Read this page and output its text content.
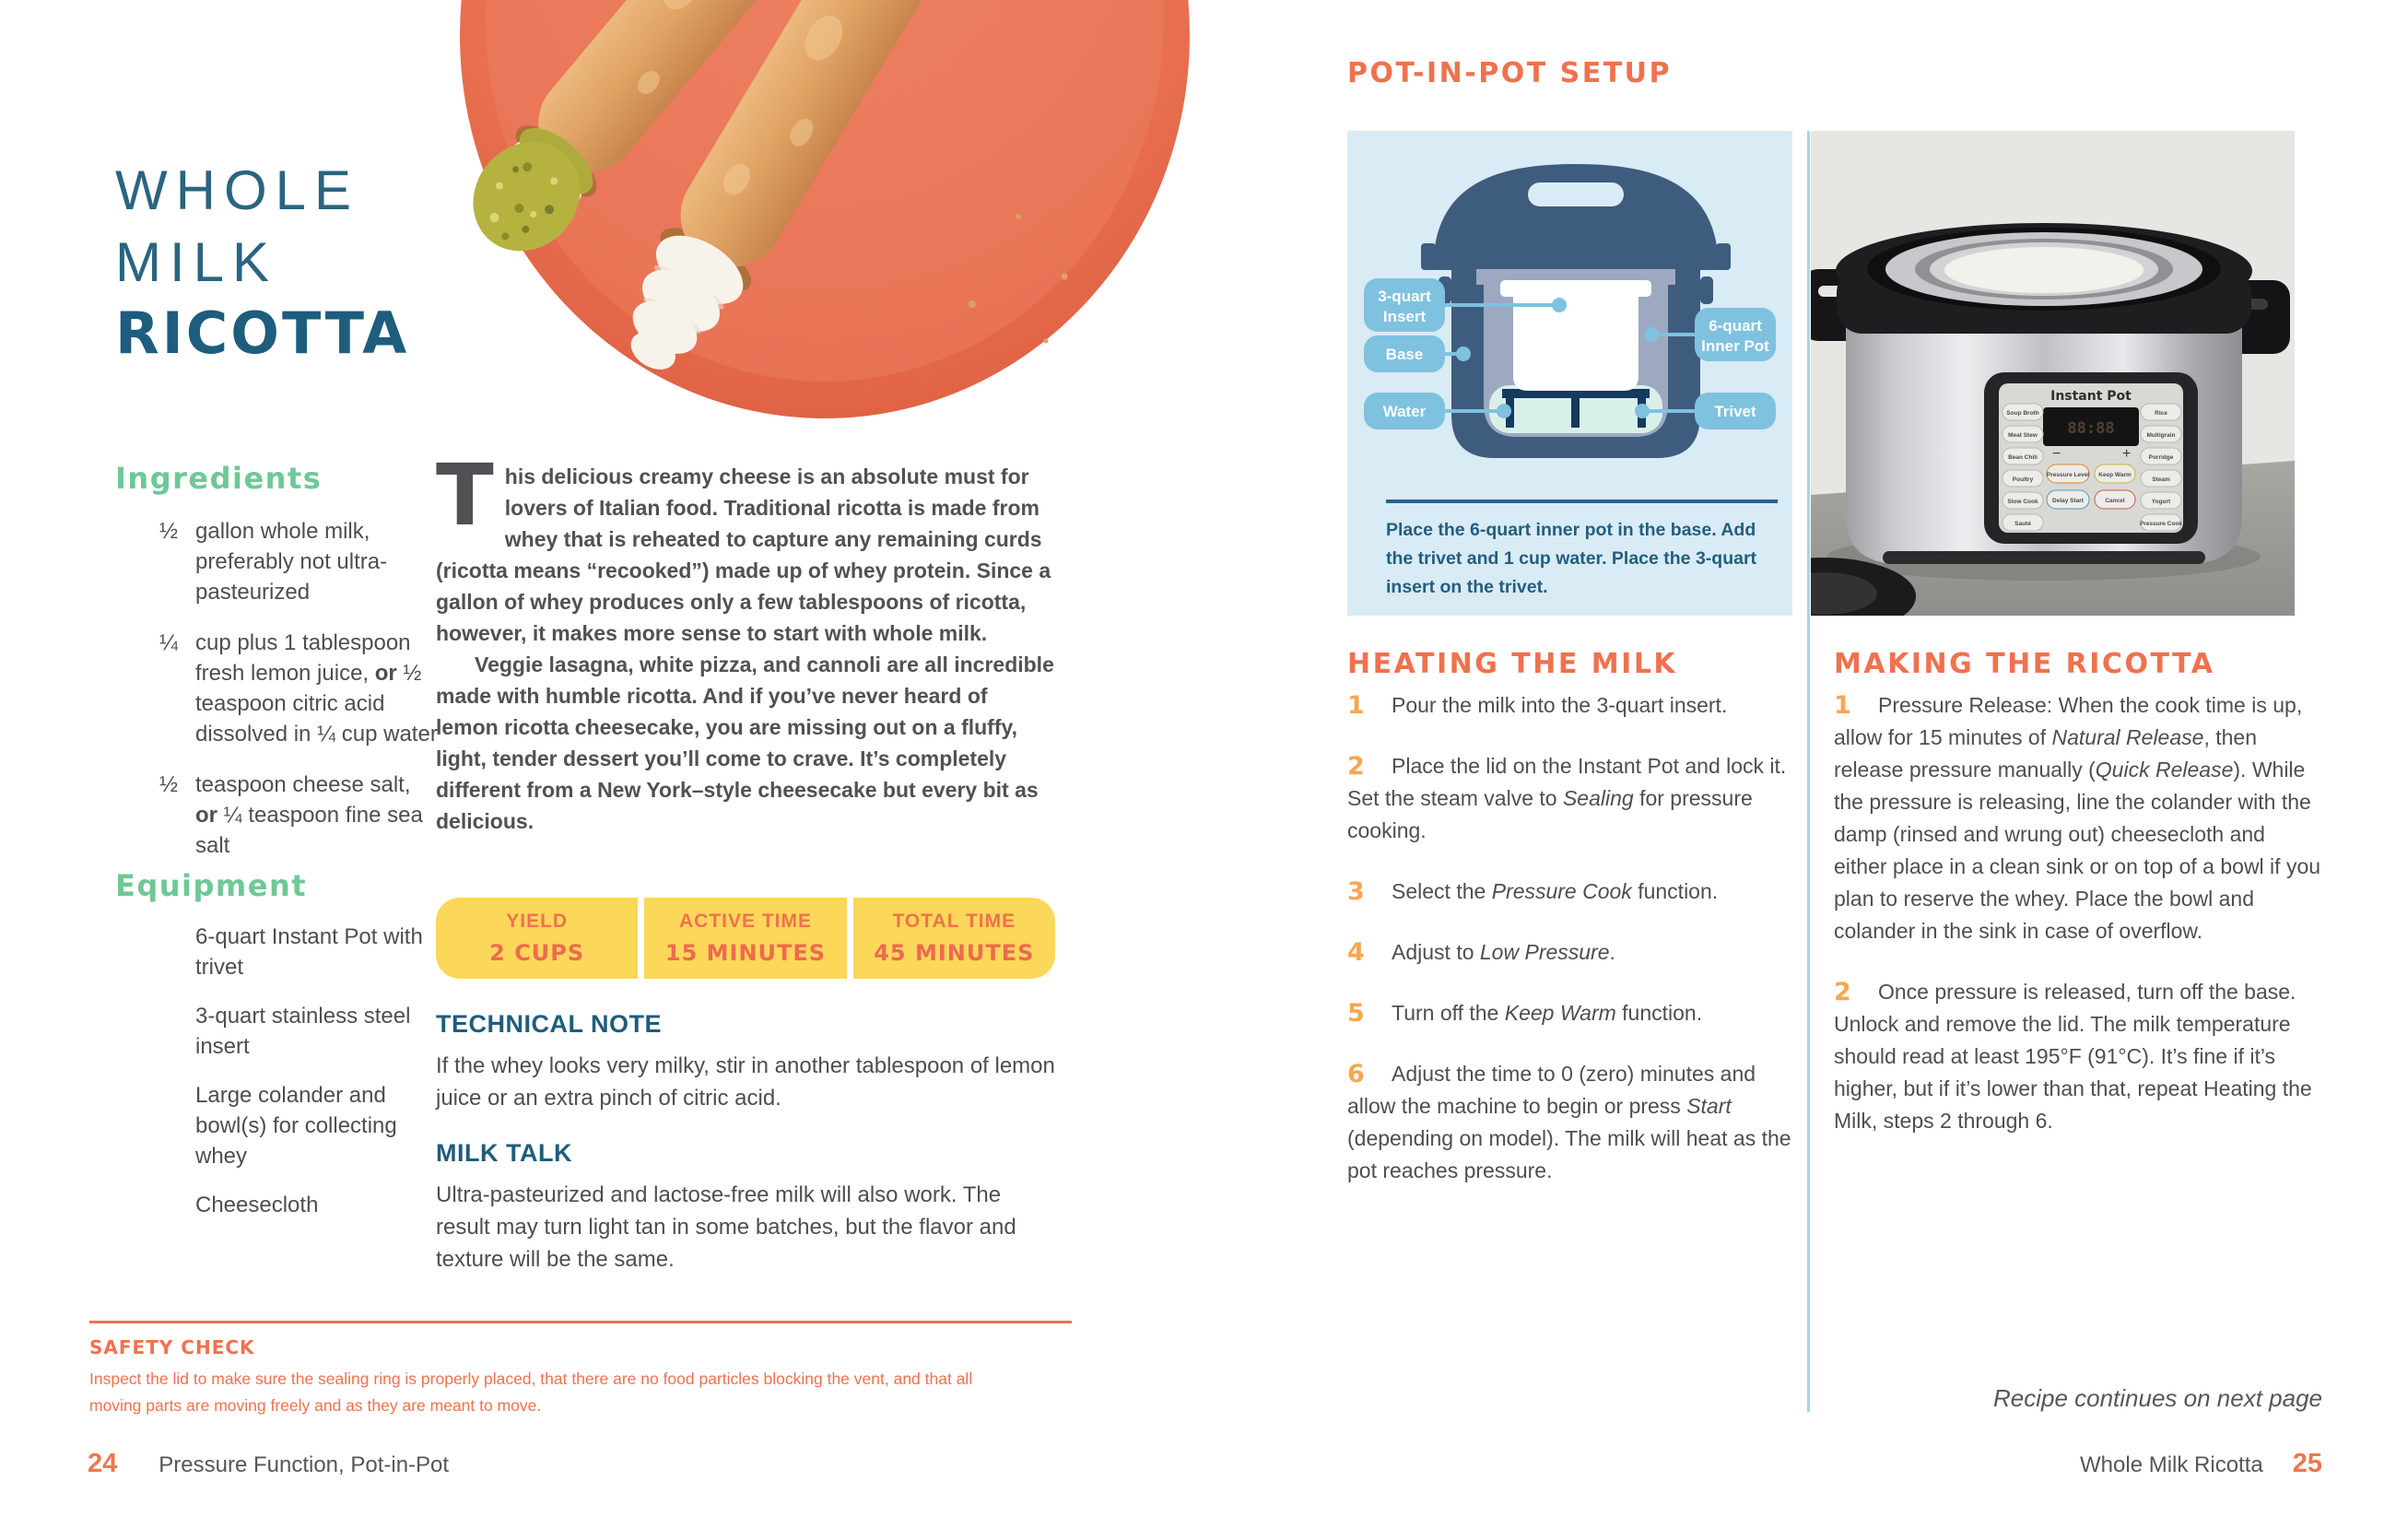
WHOLE
MILK
RICOTTA
Ingredients
½ gallon whole milk, preferably not ultra-pasteurized
¼ cup plus 1 tablespoon fresh lemon juice, or ½ teaspoon citric acid dissolved in ¼ cup water
½ teaspoon cheese salt, or ¼ teaspoon fine sea salt
Equipment
6-quart Instant Pot with trivet
3-quart stainless steel insert
Large colander and bowl(s) for collecting whey
Cheesecloth
T his delicious creamy cheese is an absolute must for lovers of Italian food. Traditional ricotta is made from whey that is reheated to capture any remaining curds (ricotta means “recooked”) made up of whey protein. Since a gallon of whey produces only a few tablespoons of ricotta, however, it makes more sense to start with whole milk.

Veggie lasagna, white pizza, and cannoli are all incredible made with humble ricotta. And if you’ve never heard of lemon ricotta cheesecake, you are missing out on a fluffy, light, tender dessert you’ll come to crave. It’s completely different from a New York–style cheesecake but every bit as delicious.

YIELD
2 CUPS
ACTIVE TIME
15 MINUTES
TOTAL TIME
45 MINUTES
TECHNICAL NOTE
If the whey looks very milky, stir in another tablespoon of lemon juice or an extra pinch of citric acid.
MILK TALK
Ultra-pasteurized and lactose-free milk will also work. The result may turn light tan in some batches, but the flavor and texture will be the same.
SAFETY CHECK
Inspect the lid to make sure the sealing ring is properly placed, that there are no food particles blocking the vent, and that all moving parts are moving freely and as they are meant to move.
24 Pressure Function, Pot-in-Pot
POT-IN-POT SETUP
3-quart
Insert
Base
Water
6-quart
Inner Pot
Trivet
Place the 6-quart inner pot in the base. Add the trivet and 1 cup water. Place the 3-quart insert on the trivet.
Instant Pot
88:88
−	+
Soup Broth
Meat Stew
Bean Chili
Poultry
Slow Cook
Sauté
Rice
Multigrain
Porridge
Steam
Yogurt
Pressure Cook
Pressure Level Keep Warm
Delay Start	Cancel
HEATING THE MILK
1	Pour the milk into the 3-quart insert.
2	Place the lid on the Instant Pot and lock it. Set the steam valve to Sealing for pressure cooking.
3	Select the Pressure Cook function.
4	Adjust to Low Pressure.
5	Turn off the Keep Warm function.
6	Adjust the time to 0 (zero) minutes and allow the machine to begin or press Start (depending on model). The milk will heat as the pot reaches pressure.
MAKING THE RICOTTA
1	Pressure Release: When the cook time is up, allow for 15 minutes of Natural Release, then release pressure manually (Quick Release). While the pressure is releasing, line the colander with the damp (rinsed and wrung out) cheesecloth and either place in a clean sink or on top of a bowl if you plan to reserve the whey. Place the bowl and colander in the sink in case of overflow.
2	Once pressure is released, turn off the base. Unlock and remove the lid. The milk temperature should read at least 195°F (91°C). It’s fine if it’s higher, but if it’s lower than that, repeat Heating the Milk, steps 2 through 6.
Recipe continues on next page
Whole Milk Ricotta 25
